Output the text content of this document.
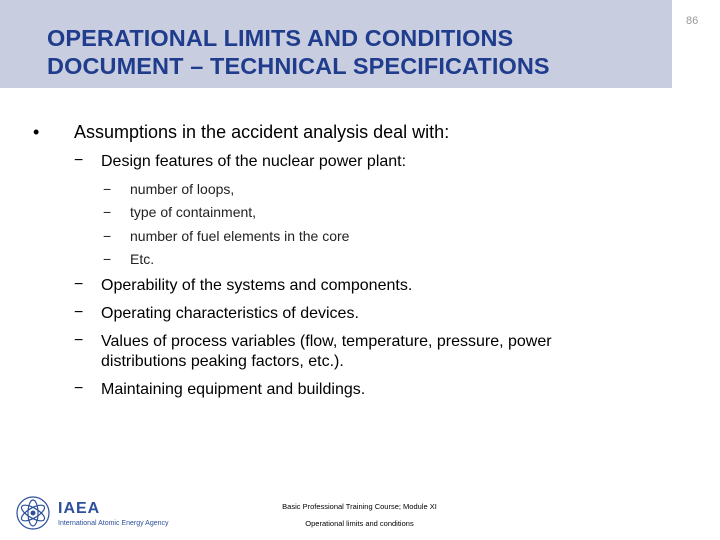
OPERATIONAL LIMITS AND CONDITIONS
DOCUMENT – TECHNICAL SPECIFICATIONS
86
• Assumptions in the accident analysis deal with:
− Design features of the nuclear power plant:
− number of loops,
− type of containment,
− number of fuel elements in the core
− Etc.
− Operability of the systems and components.
− Operating characteristics of devices.
− Values of process variables (flow, temperature, pressure, power
distributions peaking factors, etc.).
− Maintaining equipment and buildings.
IAEA
International Atomic Energy Agency
Basic Professional Training Course; Module XI
Operational limits and conditions
